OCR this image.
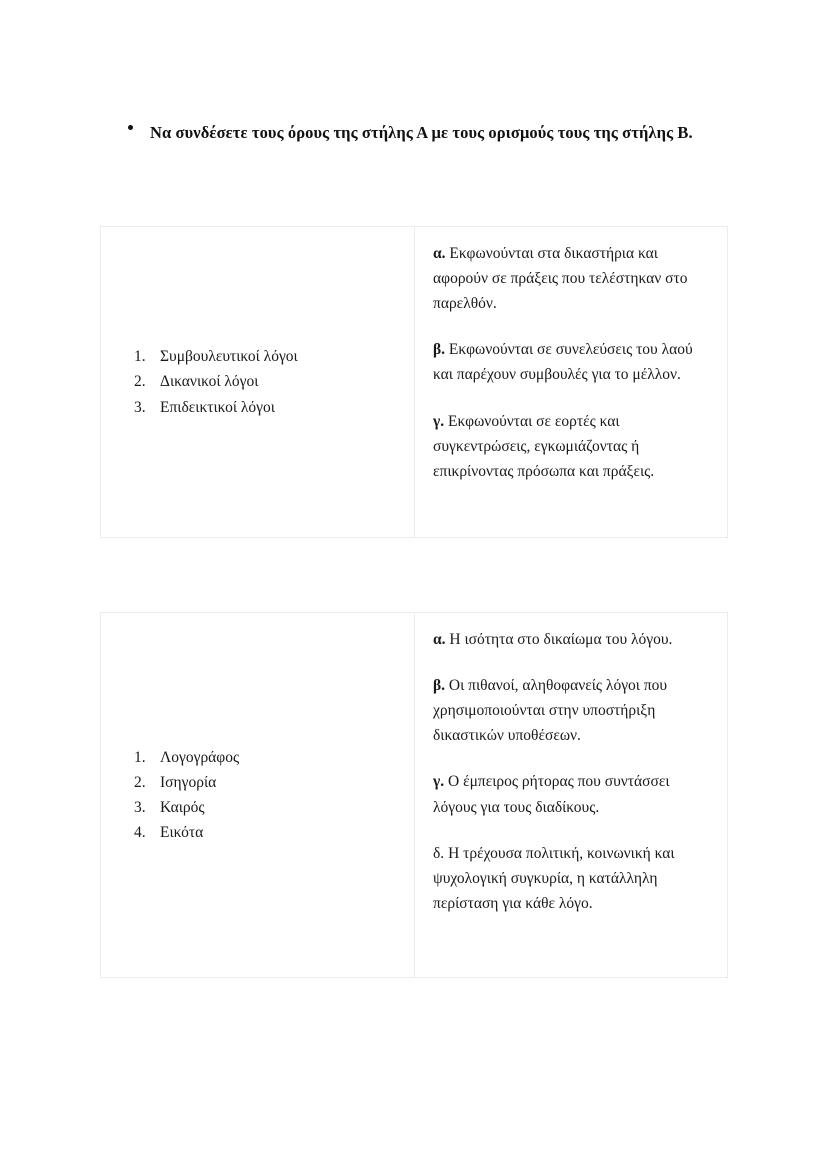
Να συνδέσετε τους όρους της στήλης Α με τους ορισμούς τους της στήλης Β.
1. Συμβουλευτικοί λόγοι
2. Δικανικοί λόγοι
3. Επιδεικτικοί λόγοι

α. Εκφωνούνται στα δικαστήρια και αφορούν σε πράξεις που τελέστηκαν στο παρελθόν.

β. Εκφωνούνται σε συνελεύσεις του λαού και παρέχουν συμβουλές για το μέλλον.

γ. Εκφωνούνται σε εορτές και συγκεντρώσεις, εγκωμιάζοντας ή επικρίνοντας πρόσωπα και πράξεις.

1. Λογογράφος
2. Ισηγορία
3. Καιρός
4. Εικότα

α. Η ισότητα στο δικαίωμα του λόγου.

β. Οι πιθανοί, αληθοφανείς λόγοι που χρησιμοποιούνται στην υποστήριξη δικαστικών υποθέσεων.

γ. Ο έμπειρος ρήτορας που συντάσσει λόγους για τους διαδίκους.

δ. Η τρέχουσα πολιτική, κοινωνική και ψυχολογική συγκυρία, η κατάλληλη περίσταση για κάθε λόγο.
